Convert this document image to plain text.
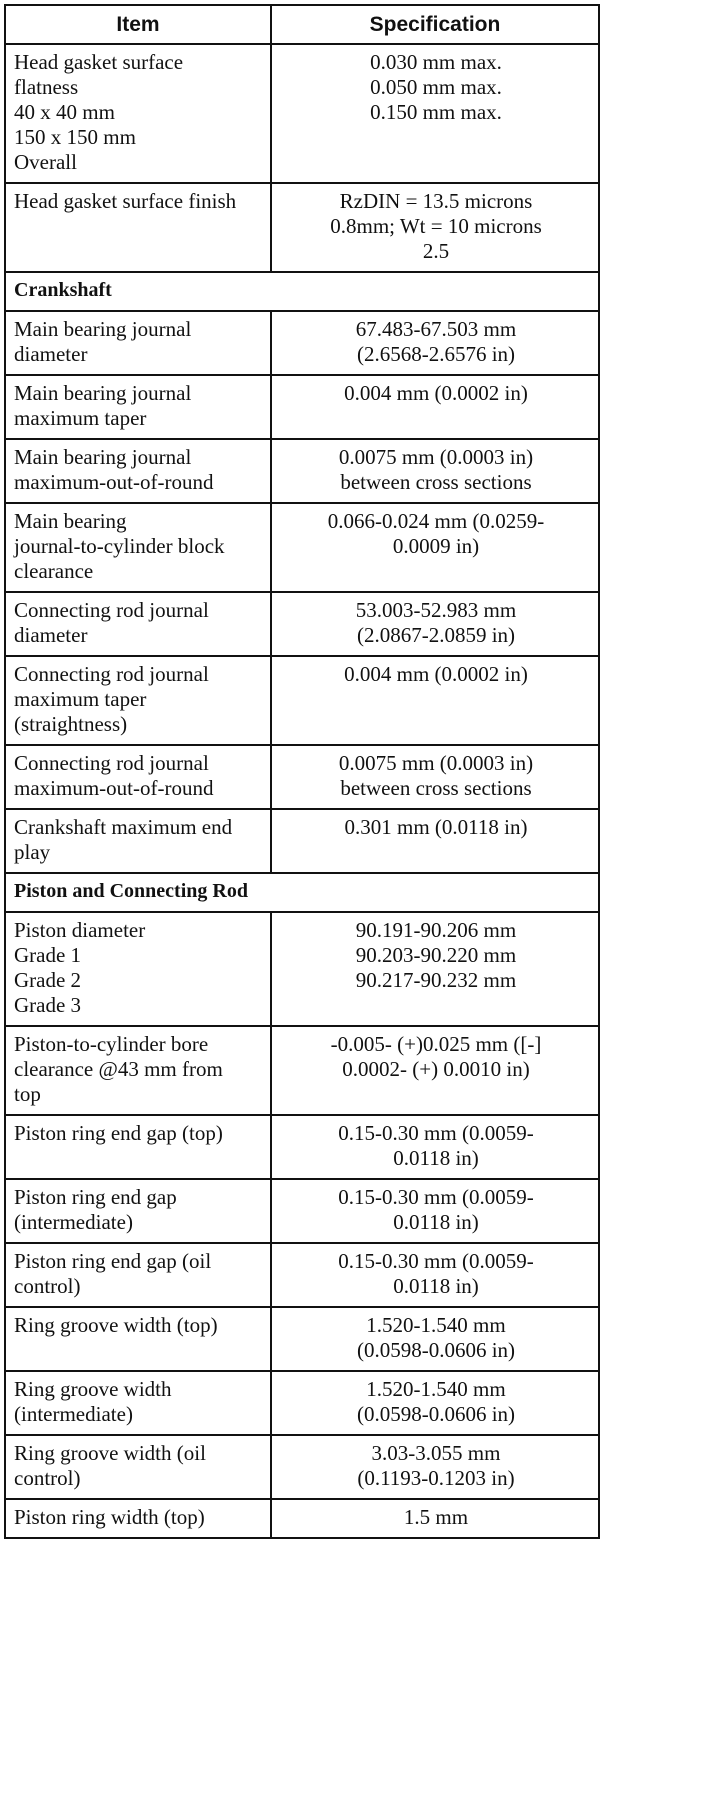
Item	Specification

Head gasket surface
flatness
40 x 40 mm
150 x 150 mm
Overall	0.030 mm max.
0.050 mm max.
0.150 mm max.

Head gasket surface finish	RzDIN = 13.5 microns
0.8mm; Wt = 10 microns
2.5

Crankshaft	

Main bearing journal
diameter	67.483-67.503 mm
(2.6568-2.6576 in)

Main bearing journal
maximum taper	0.004 mm (0.0002 in)

Main bearing journal
maximum-out-of-round	0.0075 mm (0.0003 in)
between cross sections

Main bearing
journal-to-cylinder block
clearance	0.066-0.024 mm (0.0259-
0.0009 in)

Connecting rod journal
diameter	53.003-52.983 mm
(2.0867-2.0859 in)

Connecting rod journal
maximum taper
(straightness)	0.004 mm (0.0002 in)

Connecting rod journal
maximum-out-of-round	0.0075 mm (0.0003 in)
between cross sections

Crankshaft maximum end
play	0.301 mm (0.0118 in)

Piston and Connecting Rod	

Piston diameter
Grade 1
Grade 2
Grade 3	90.191-90.206 mm
90.203-90.220 mm
90.217-90.232 mm

Piston-to-cylinder bore
clearance @43 mm from
top	-0.005- (+)0.025 mm ([-]
0.0002- (+) 0.0010 in)

Piston ring end gap (top)	0.15-0.30 mm (0.0059-
0.0118 in)

Piston ring end gap
(intermediate)	0.15-0.30 mm (0.0059-
0.0118 in)

Piston ring end gap (oil
control)	0.15-0.30 mm (0.0059-
0.0118 in)

Ring groove width (top)	1.520-1.540 mm
(0.0598-0.0606 in)

Ring groove width
(intermediate)	1.520-1.540 mm
(0.0598-0.0606 in)

Ring groove width (oil
control)	3.03-3.055 mm
(0.1193-0.1203 in)

Piston ring width (top)	1.5 mm
